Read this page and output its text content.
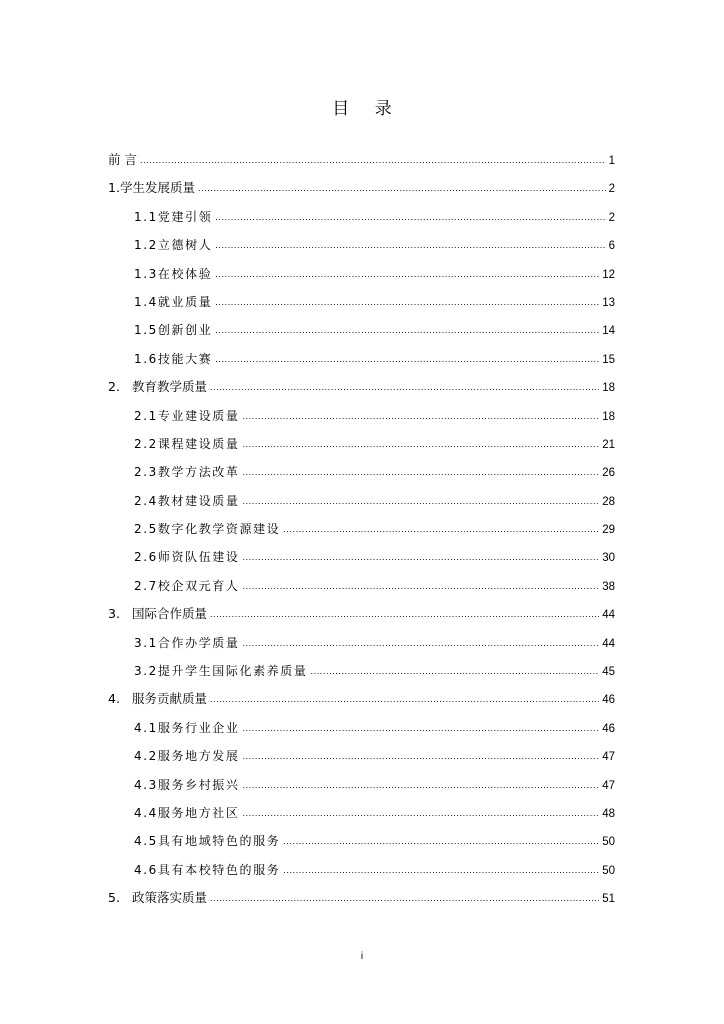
目 录
前 言 .....	1
1. 学生发展质量 .....	2
1.1 党建引领 .....	2
1.2 立德树人 .....	6
1.3 在校体验 .....	12
1.4 就业质量 .....	13
1.5 创新创业 .....	14
1.6 技能大赛 .....	15
2. 教育教学质量 .....	18
2.1 专业建设质量 .....	18
2.2 课程建设质量 .....	21
2.3 教学方法改革 .....	26
2.4 教材建设质量 .....	28
2.5 数字化教学资源建设 .....	29
2.6 师资队伍建设 .....	30
2.7 校企双元育人 .....	38
3. 国际合作质量 .....	44
3.1 合作办学质量 .....	44
3.2 提升学生国际化素养质量 .....	45
4. 服务贡献质量 .....	46
4.1 服务行业企业 .....	46
4.2 服务地方发展 .....	47
4.3 服务乡村振兴 .....	47
4.4 服务地方社区 .....	48
4.5 具有地域特色的服务 .....	50
4.6 具有本校特色的服务 .....	50
5. 政策落实质量 .....	51
i
